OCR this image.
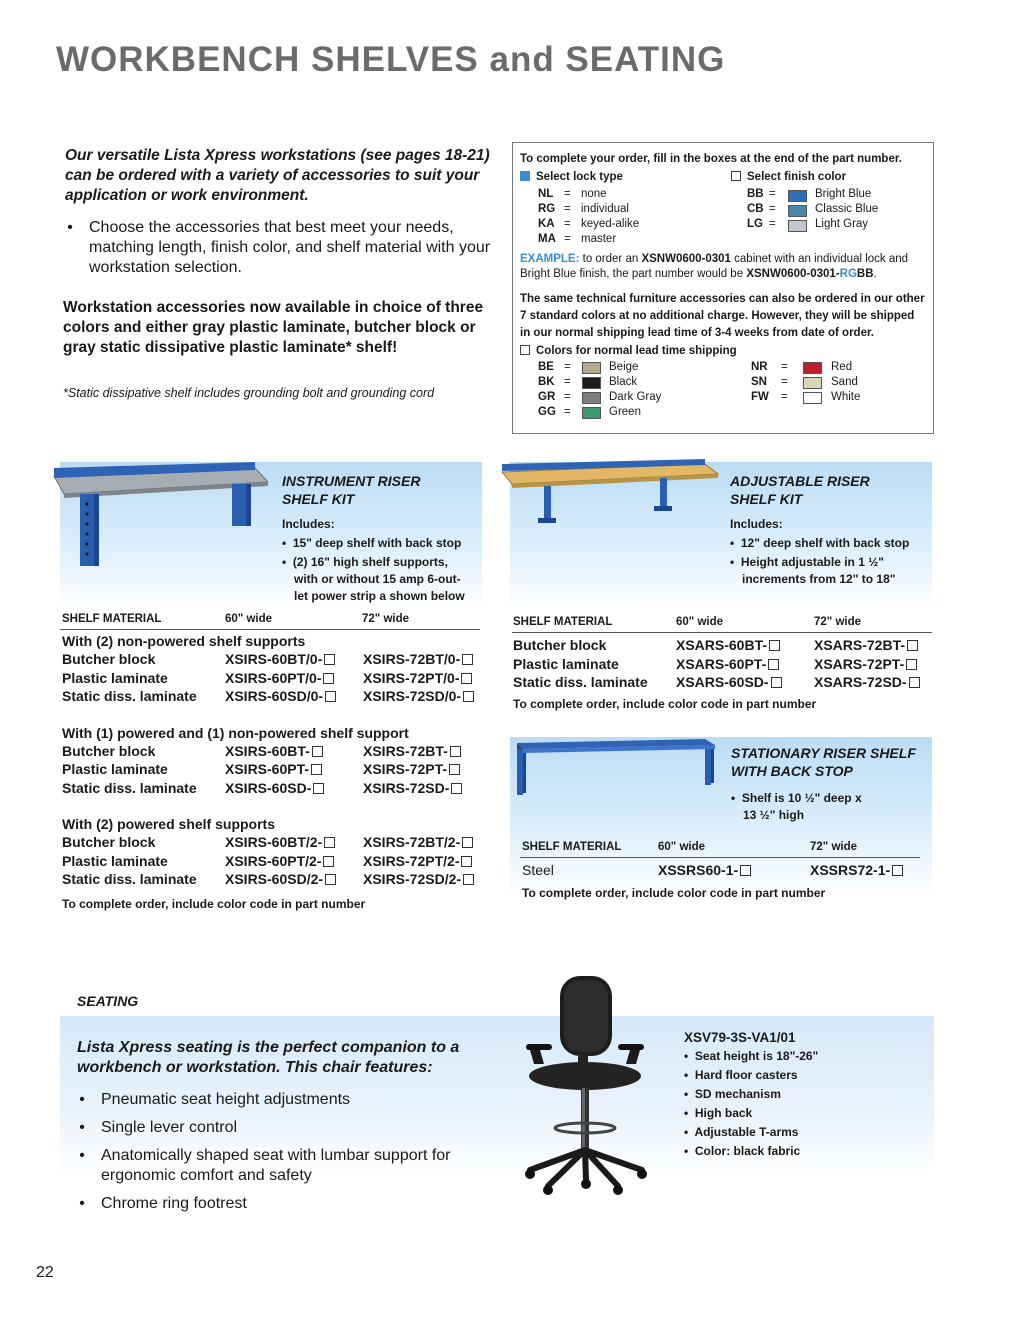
WORKBENCH SHELVES and SEATING
Our versatile Lista Xpress workstations (see pages 18-21) can be ordered with a variety of accessories to suit your application or work environment.
• Choose the accessories that best meet your needs, matching length, finish color, and shelf material with your workstation selection.
Workstation accessories now available in choice of three colors and either gray plastic laminate, butcher block or gray static dissipative plastic laminate* shelf!
*Static dissipative shelf includes grounding bolt and grounding cord
To complete your order, fill in the boxes at the end of the part number.
Select lock type	Select finish color
NL = none
RG = individual
KA = keyed-alike
MA = master
BB =	Bright Blue
CB =	Classic Blue
LG =	Light Gray
EXAMPLE: to order an XSNW0600-0301 cabinet with an individual lock and
Bright Blue finish, the part number would be XSNW0600-0301-RGBB.
The same technical furniture accessories can also be ordered in our other
7 standard colors at no additional charge. However, they will be shipped
in our normal shipping lead time of 3-4 weeks from date of order.
Colors for normal lead time shipping
BE =	Beige
BK =	Black
GR =	Dark Gray
GG =	Green
NR =	Red
SN =	Sand
FW =	White
INSTRUMENT RISER
SHELF KIT
Includes:
• 15" deep shelf with back stop
• (2) 16" high shelf supports,
with or without 15 amp 6-out-
let power strip a shown below
SHELF MATERIAL	60" wide	72" wide
With (2) non-powered shelf supports
Butcher block	XSIRS-60BT/0-	XSIRS-72BT/0-
Plastic laminate	XSIRS-60PT/0-	XSIRS-72PT/0-
Static diss. laminate	XSIRS-60SD/0-	XSIRS-72SD/0-
With (1) powered and (1) non-powered shelf support
Butcher block	XSIRS-60BT-	XSIRS-72BT-
Plastic laminate	XSIRS-60PT-	XSIRS-72PT-
Static diss. laminate	XSIRS-60SD-	XSIRS-72SD-
With (2) powered shelf supports
Butcher block	XSIRS-60BT/2-	XSIRS-72BT/2-
Plastic laminate	XSIRS-60PT/2-	XSIRS-72PT/2-
Static diss. laminate	XSIRS-60SD/2-	XSIRS-72SD/2-
To complete order, include color code in part number
ADJUSTABLE RISER
SHELF KIT
Includes:
• 12" deep shelf with back stop
• Height adjustable in 1 ½"
increments from 12" to 18"
SHELF MATERIAL	60" wide	72" wide
Butcher block	XSARS-60BT-	XSARS-72BT-
Plastic laminate	XSARS-60PT-	XSARS-72PT-
Static diss. laminate	XSARS-60SD-	XSARS-72SD-
To complete order, include color code in part number
STATIONARY RISER SHELF
WITH BACK STOP
• Shelf is 10 ½" deep x
13 ½" high
SHELF MATERIAL	60" wide	72" wide
Steel	XSSRS60-1-	XSSRS72-1-
To complete order, include color code in part number
SEATING
Lista Xpress seating is the perfect companion to a workbench or workstation. This chair features:
• Pneumatic seat height adjustments
• Single lever control
• Anatomically shaped seat with lumbar support for ergonomic comfort and safety
• Chrome ring footrest
XSV79-3S-VA1/01
• Seat height is 18"-26"
• Hard floor casters
• SD mechanism
• High back
• Adjustable T-arms
• Color: black fabric
22
